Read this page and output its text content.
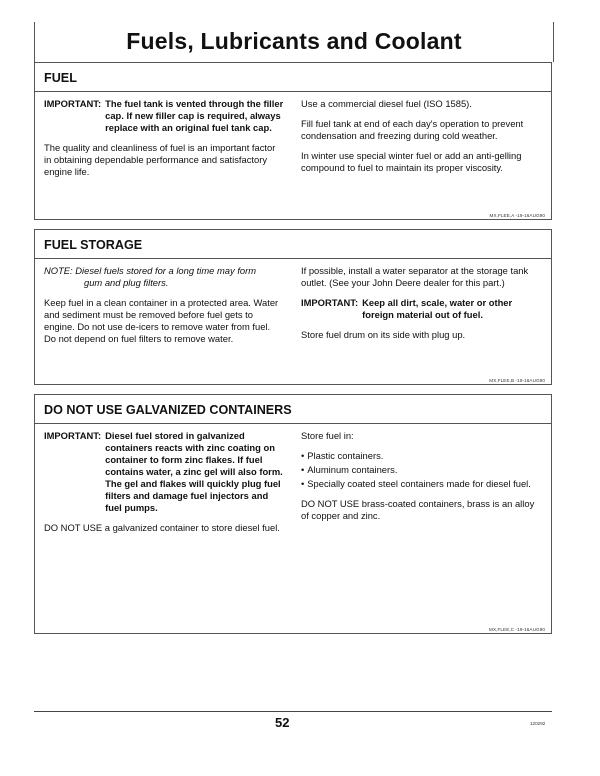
Fuels, Lubricants and Coolant
FUEL
IMPORTANT: The fuel tank is vented through the filler cap. If new filler cap is required, always replace with an original fuel tank cap.

The quality and cleanliness of fuel is an important factor in obtaining dependable performance and satisfactory engine life.

Use a commercial diesel fuel (ISO 1585).

Fill fuel tank at end of each day's operation to prevent condensation and freezing during cold weather.

In winter use special winter fuel or add an anti-gelling compound to fuel to maintain its proper viscosity.

MX,FLEE,A -19-16AUG90
FUEL STORAGE
NOTE: Diesel fuels stored for a long time may form
gum and plug filters.

Keep fuel in a clean container in a protected area. Water and sediment must be removed before fuel gets to engine. Do not use de-icers to remove water from fuel. Do not depend on fuel filters to remove water.

If possible, install a water separator at the storage tank outlet. (See your John Deere dealer for this part.)

IMPORTANT: Keep all dirt, scale, water or other foreign material out of fuel.

Store fuel drum on its side with plug up.

MX,FLEE,B -19-16AUG90
DO NOT USE GALVANIZED CONTAINERS
IMPORTANT: Diesel fuel stored in galvanized containers reacts with zinc coating on container to form zinc flakes. If fuel contains water, a zinc gel will also form. The gel and flakes will quickly plug fuel filters and damage fuel injectors and fuel pumps.

DO NOT USE a galvanized container to store diesel fuel.

Store fuel in:

• Plastic containers.
• Aluminum containers.
• Specially coated steel containers made for diesel fuel.

DO NOT USE brass-coated containers, brass is an alloy of copper and zinc.

MX,FLEE,C -19-16AUG90
52	120292
